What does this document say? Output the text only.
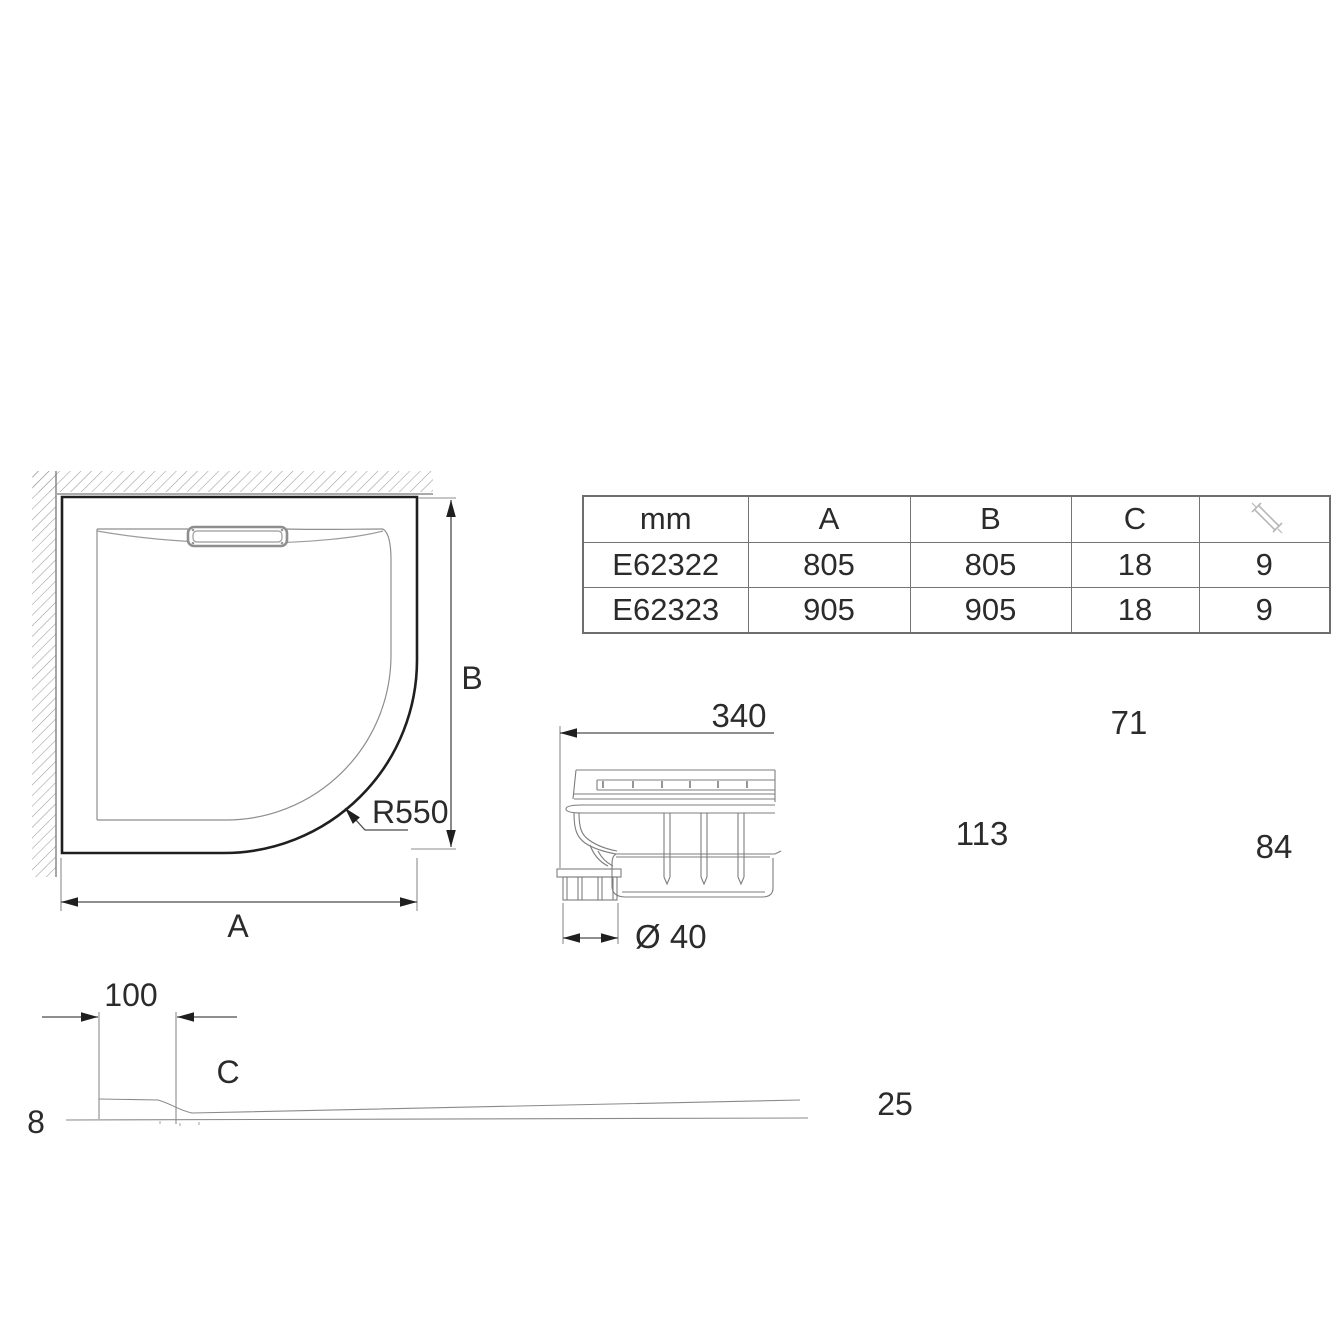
B
A
R550
340
Ø 40
71
113	84
100
C
8	25
mm	A	B	C	

E62322	805	805	18	9
E62323	905	905	18	9
